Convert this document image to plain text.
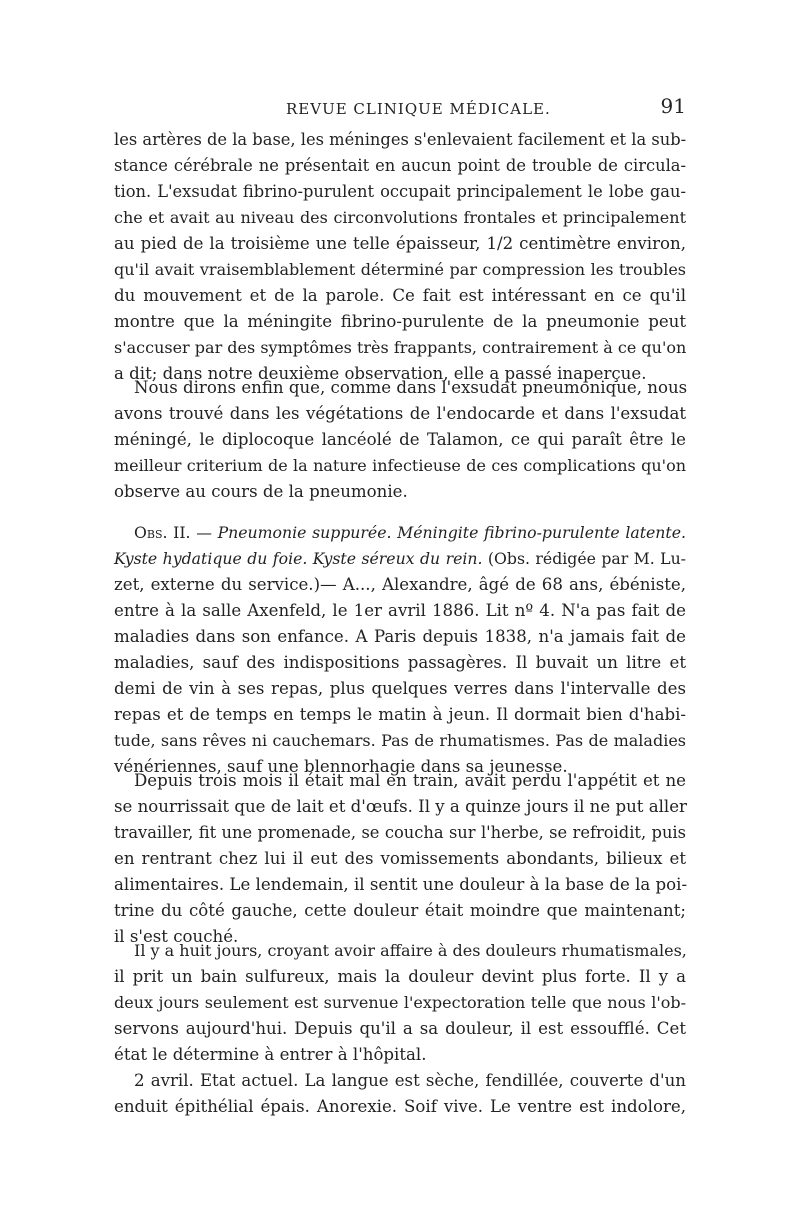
REVUE CLINIQUE MÉDICALE.	91
les artères de la base, les méninges s'enlevaient facilement et la sub-
stance cérébrale ne présentait en aucun point de trouble de circula-
tion. L'exsudat fibrino-purulent occupait principalement le lobe gau-
che et avait au niveau des circonvolutions frontales et principalement
au pied de la troisième une telle épaisseur, 1/2 centimètre environ,
qu'il avait vraisemblablement déterminé par compression les troubles
du mouvement et de la parole. Ce fait est intéressant en ce qu'il
montre que la méningite fibrino-purulente de la pneumonie peut
s'accuser par des symptômes très frappants, contrairement à ce qu'on
a dit; dans notre deuxième observation, elle a passé inaperçue.
Nous dirons enfin que, comme dans l'exsudat pneumonique, nous
avons trouvé dans les végétations de l'endocarde et dans l'exsudat
méningé, le diplocoque lancéolé de Talamon, ce qui paraît être le
meilleur criterium de la nature infectieuse de ces complications qu'on
observe au cours de la pneumonie.
Obs. II. — Pneumonie suppurée. Méningite fibrino-purulente latente.
Kyste hydatique du foie. Kyste séreux du rein. (Obs. rédigée par M. Lu-
zet, externe du service.)— A..., Alexandre, âgé de 68 ans, ébéniste,
entre à la salle Axenfeld, le 1er avril 1886. Lit nº 4. N'a pas fait de
maladies dans son enfance. A Paris depuis 1838, n'a jamais fait de
maladies, sauf des indispositions passagères. Il buvait un litre et
demi de vin à ses repas, plus quelques verres dans l'intervalle des
repas et de temps en temps le matin à jeun. Il dormait bien d'habi-
tude, sans rêves ni cauchemars. Pas de rhumatismes. Pas de maladies
vénériennes, sauf une blennorhagie dans sa jeunesse.
Depuis trois mois il était mal en train, avait perdu l'appétit et ne
se nourrissait que de lait et d'œufs. Il y a quinze jours il ne put aller
travailler, fit une promenade, se coucha sur l'herbe, se refroidit, puis
en rentrant chez lui il eut des vomissements abondants, bilieux et
alimentaires. Le lendemain, il sentit une douleur à la base de la poi-
trine du côté gauche, cette douleur était moindre que maintenant;
il s'est couché.
Il y a huit jours, croyant avoir affaire à des douleurs rhumatismales,
il prit un bain sulfureux, mais la douleur devint plus forte. Il y a
deux jours seulement est survenue l'expectoration telle que nous l'ob-
servons aujourd'hui. Depuis qu'il a sa douleur, il est essoufflé. Cet
état le détermine à entrer à l'hôpital.
2 avril. Etat actuel. La langue est sèche, fendillée, couverte d'un
enduit épithélial épais. Anorexie. Soif vive. Le ventre est indolore,
